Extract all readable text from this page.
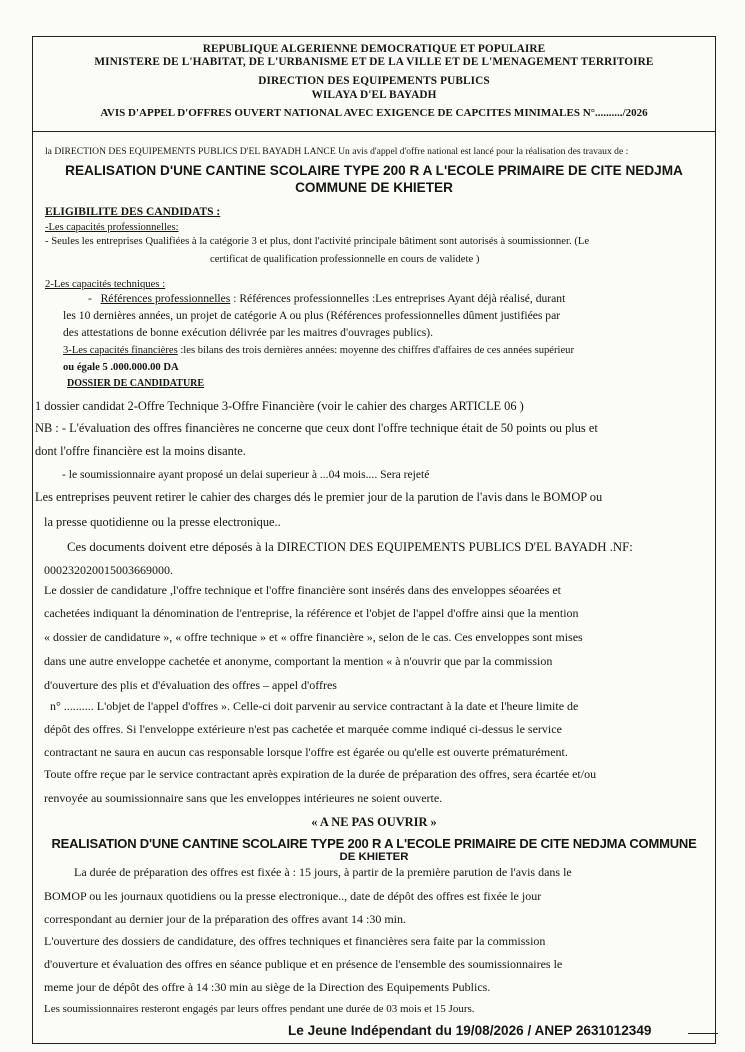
REPUBLIQUE ALGERIENNE DEMOCRATIQUE ET POPULAIRE
MINISTERE DE L'HABITAT, DE L'URBANISME ET DE LA VILLE ET DE L'MENAGEMENT TERRITOIRE
DIRECTION DES EQUIPEMENTS PUBLICS
WILAYA D'EL BAYADH
AVIS D'APPEL D'OFFRES OUVERT NATIONAL AVEC EXIGENCE DE CAPCITES MINIMALES N°........../2026
la DIRECTION DES EQUIPEMENTS PUBLICS D'EL BAYADH LANCE Un avis d'appel d'offre national est lancé pour la réalisation des travaux de :
REALISATION D'UNE CANTINE SCOLAIRE TYPE 200 R A L'ECOLE PRIMAIRE DE CITE NEDJMA
COMMUNE DE KHIETER
ELIGIBILITE DES CANDIDATS :
-Les capacités professionnelles:
- Seules les entreprises Qualifiées à la catégorie 3 et plus, dont l'activité principale bâtiment sont autorisés à soumissionner. (Le
certificat de qualification professionnelle en cours de validete )
2-Les capacités techniques :
-   Références professionnelles : Références professionnelles :Les entreprises Ayant déjà réalisé, durant
les 10 dernières années, un projet de catégorie A ou plus (Références professionnelles dûment justifiées par
des attestations de bonne exécution délivrée par les maitres d'ouvrages publics).
3-Les capacités financières :les bilans des trois dernières années: moyenne des chiffres d'affaires de ces années supérieur
ou égale 5 .000.000.00 DA
DOSSIER DE CANDIDATURE
1 dossier candidat 2-Offre Technique 3-Offre Financière (voir le cahier des charges ARTICLE 06 )
NB : - L'évaluation des offres financières ne concerne que ceux dont l'offre technique était de 50 points ou plus et
dont l'offre financière est la moins disante.
- le soumissionnaire ayant proposé un delai superieur à ...04 mois.... Sera rejeté
Les entreprises peuvent retirer le cahier des charges dés le premier jour de la parution de l'avis dans le BOMOP ou
la presse quotidienne ou la presse electronique..
Ces documents doivent etre déposés à la DIRECTION DES EQUIPEMENTS PUBLICS D'EL BAYADH .NF:
000232020015003669000.
Le dossier de candidature ,l'offre technique et l'offre financière sont insérés dans des enveloppes séoarées et
cachetées indiquant la dénomination de l'entreprise, la référence et l'objet de l'appel d'offre ainsi que la mention
« dossier de candidature », « offre technique » et « offre financière », selon de le cas. Ces enveloppes sont mises
dans une autre enveloppe cachetée et anonyme, comportant la mention « à n'ouvrir que par la commission
d'ouverture des plis et d'évaluation des offres – appel d'offres
n° .......... L'objet de l'appel d'offres ». Celle-ci doit parvenir au service contractant à la date et l'heure limite de
dépôt des offres. Si l'enveloppe extérieure n'est pas cachetée et marquée comme indiqué ci-dessus le service
contractant ne saura en aucun cas responsable lorsque l'offre est égarée ou qu'elle est ouverte prématurément.
Toute offre reçue par le service contractant après expiration de la durée de préparation des offres, sera écartée et/ou
renvoyée au soumissionnaire sans que les enveloppes intérieures ne soient ouverte.
« A NE PAS OUVRIR »
REALISATION D'UNE CANTINE SCOLAIRE TYPE 200 R A L'ECOLE PRIMAIRE DE CITE NEDJMA COMMUNE
DE KHIETER
La durée de préparation des offres est fixée à : 15 jours, à partir de la première parution de l'avis dans le
BOMOP ou les journaux quotidiens ou la presse electronique.., date de dépôt des offres est fixée le jour
correspondant au dernier jour de la préparation des offres avant 14 :30 min.
L'ouverture des dossiers de candidature, des offres techniques et financières sera faite par la commission
d'ouverture et évaluation des offres en séance publique et en présence de l'ensemble des soumissionnaires le
meme jour de dépôt des offre à 14 :30 min au siège de la Direction des Equipements Publics.
Les soumissionnaires resteront engagés par leurs offres pendant une durée de 03 mois et 15 Jours.
Le Jeune Indépendant du 19/08/2026 / ANEP 2631012349
